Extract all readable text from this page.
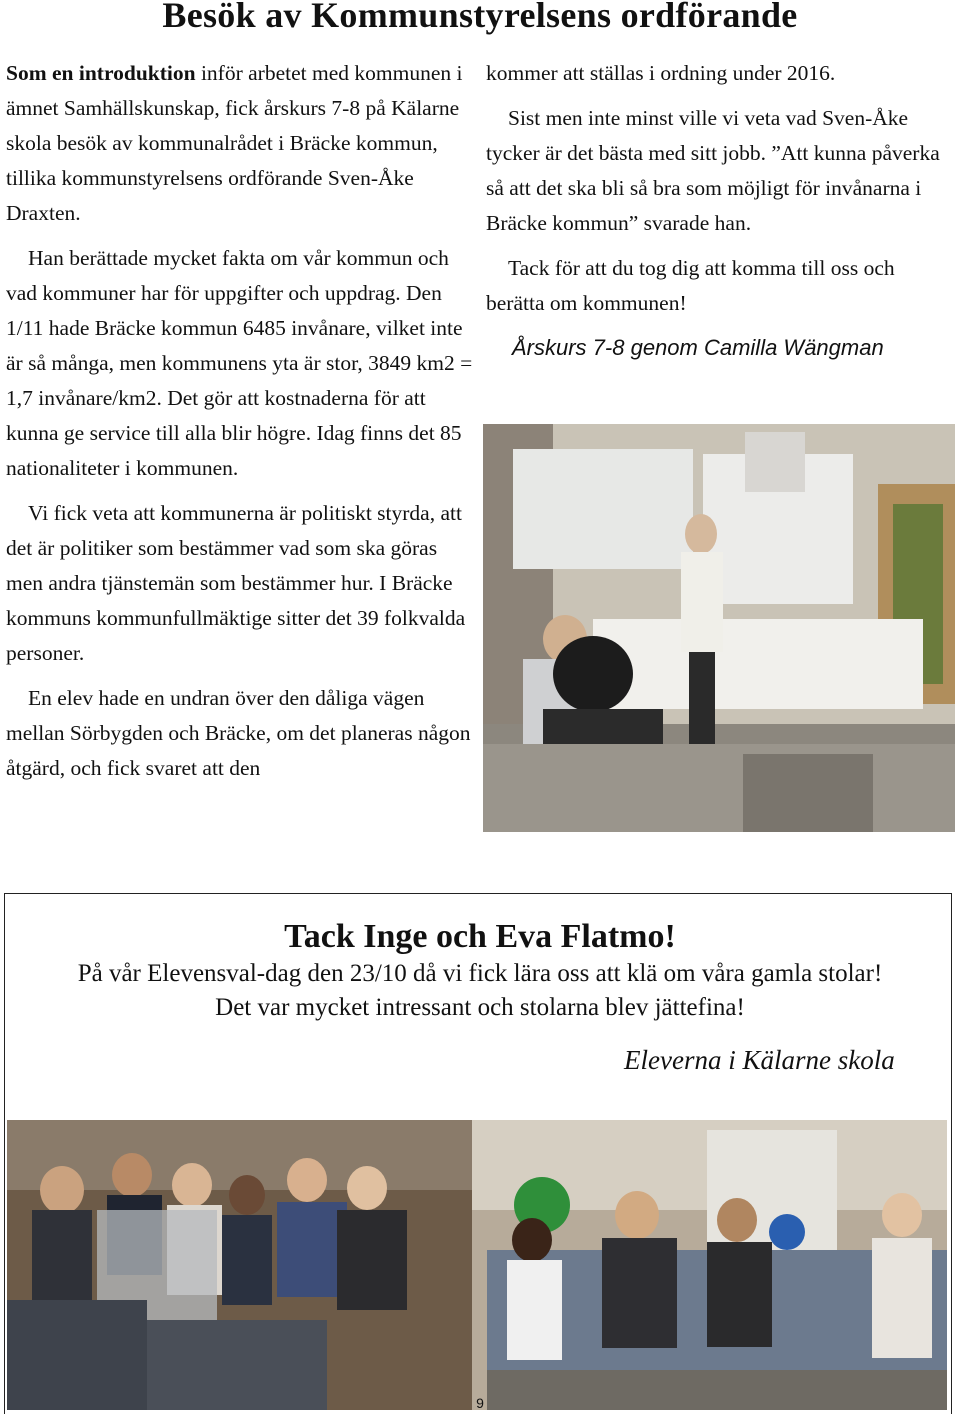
Besök av Kommunstyrelsens ordförande

Som en introduktion inför arbetet med kommunen i ämnet Samhällskunskap, fick årskurs 7-8 på Kälarne skola besök av kommunalrådet i Bräcke kommun, tillika kommunstyrelsens ordförande Sven-Åke Draxten.

Han berättade mycket fakta om vår kommun och vad kommuner har för uppgifter och uppdrag. Den 1/11 hade Bräcke kommun 6485 invånare, vilket inte är så många, men kommunens yta är stor, 3849 km2 = 1,7 invånare/km2. Det gör att kostnaderna för att kunna ge service till alla blir högre. Idag finns det 85 nationaliteter i kommunen.

Vi fick veta att kommunerna är politiskt styrda, att det är politiker som bestämmer vad som ska göras men andra tjänstemän som bestämmer hur. I Bräcke kommuns kommunfullmäktige sitter det 39 folkvalda personer.

En elev hade en undran över den dåliga vägen mellan Sörbygden och Bräcke, om det planeras någon åtgärd, och fick svaret att den

kommer att ställas i ordning under 2016.

Sist men inte minst ville vi veta vad Sven-Åke tycker är det bästa med sitt jobb. ”Att kunna påverka så att det ska bli så bra som möjligt för invånarna i Bräcke kommun” svarade han.

Tack för att du tog dig att komma till oss och berätta om kommunen!

Årskurs 7-8 genom Camilla Wängman
Tack Inge och Eva Flatmo!
På vår Elevensval-dag den 23/10 då vi fick lära oss att klä om våra gamla stolar!
Det var mycket intressant och stolarna blev jättefina!
Eleverna i Kälarne skola
9
